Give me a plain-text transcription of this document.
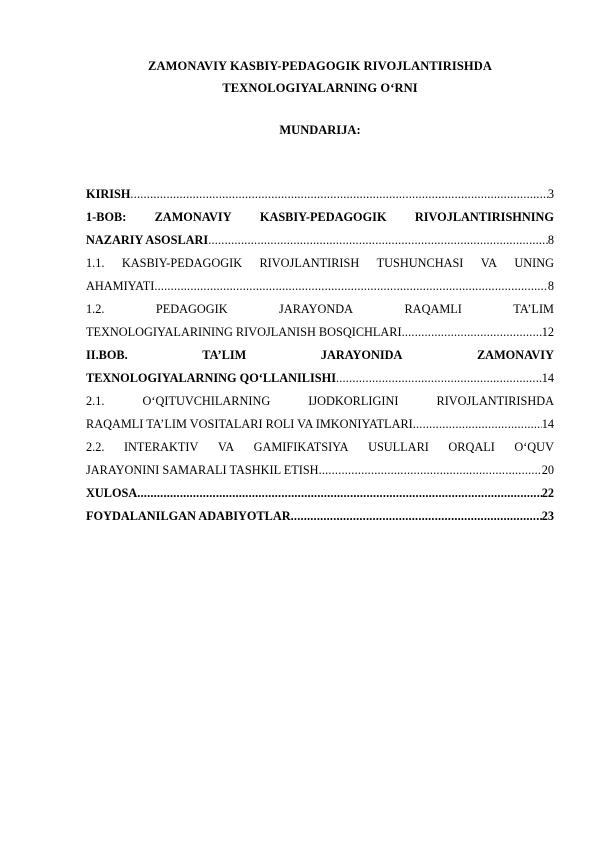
ZAMONAVIY KASBIY-PEDAGOGIK RIVOJLANTIRISHDA
TEXNOLOGIYALARNING O‘RNI
MUNDARIJA:
KIRISH .....	3
1-BOB: ZAMONAVIY KASBIY-PEDAGOGIK RIVOJLANTIRISHNING
NAZARIY ASOSLARI .....	8
1.1. KASBIY-PEDAGOGIK RIVOJLANTIRISH TUSHUNCHASI VA UNING
AHAMIYATI .....	8
1.2.	PEDAGOGIK	JARAYONDA	RAQAMLI	TA’LIM
TEXNOLOGIYALARINING RIVOJLANISH BOSQICHLARI .....	12
II.BOB.	TA’LIM	JARAYONIDA	ZAMONAVIY
TEXNOLOGIYALARNING QO‘LLANILISHI .....	14
2.1.	O‘QITUVCHILARNING	IJODKORLIGINI	RIVOJLANTIRISHDA
RAQAMLI TA’LIM VOSITALARI ROLI VA IMKONIYATLARI .....	14
2.2. INTERAKTIV VA GAMIFIKATSIYA USULLARI ORQALI O‘QUV
JARAYONINI SAMARALI TASHKIL ETISH .....	20
XULOSA .....	22
FOYDALANILGAN ADABIYOTLAR .....	23
